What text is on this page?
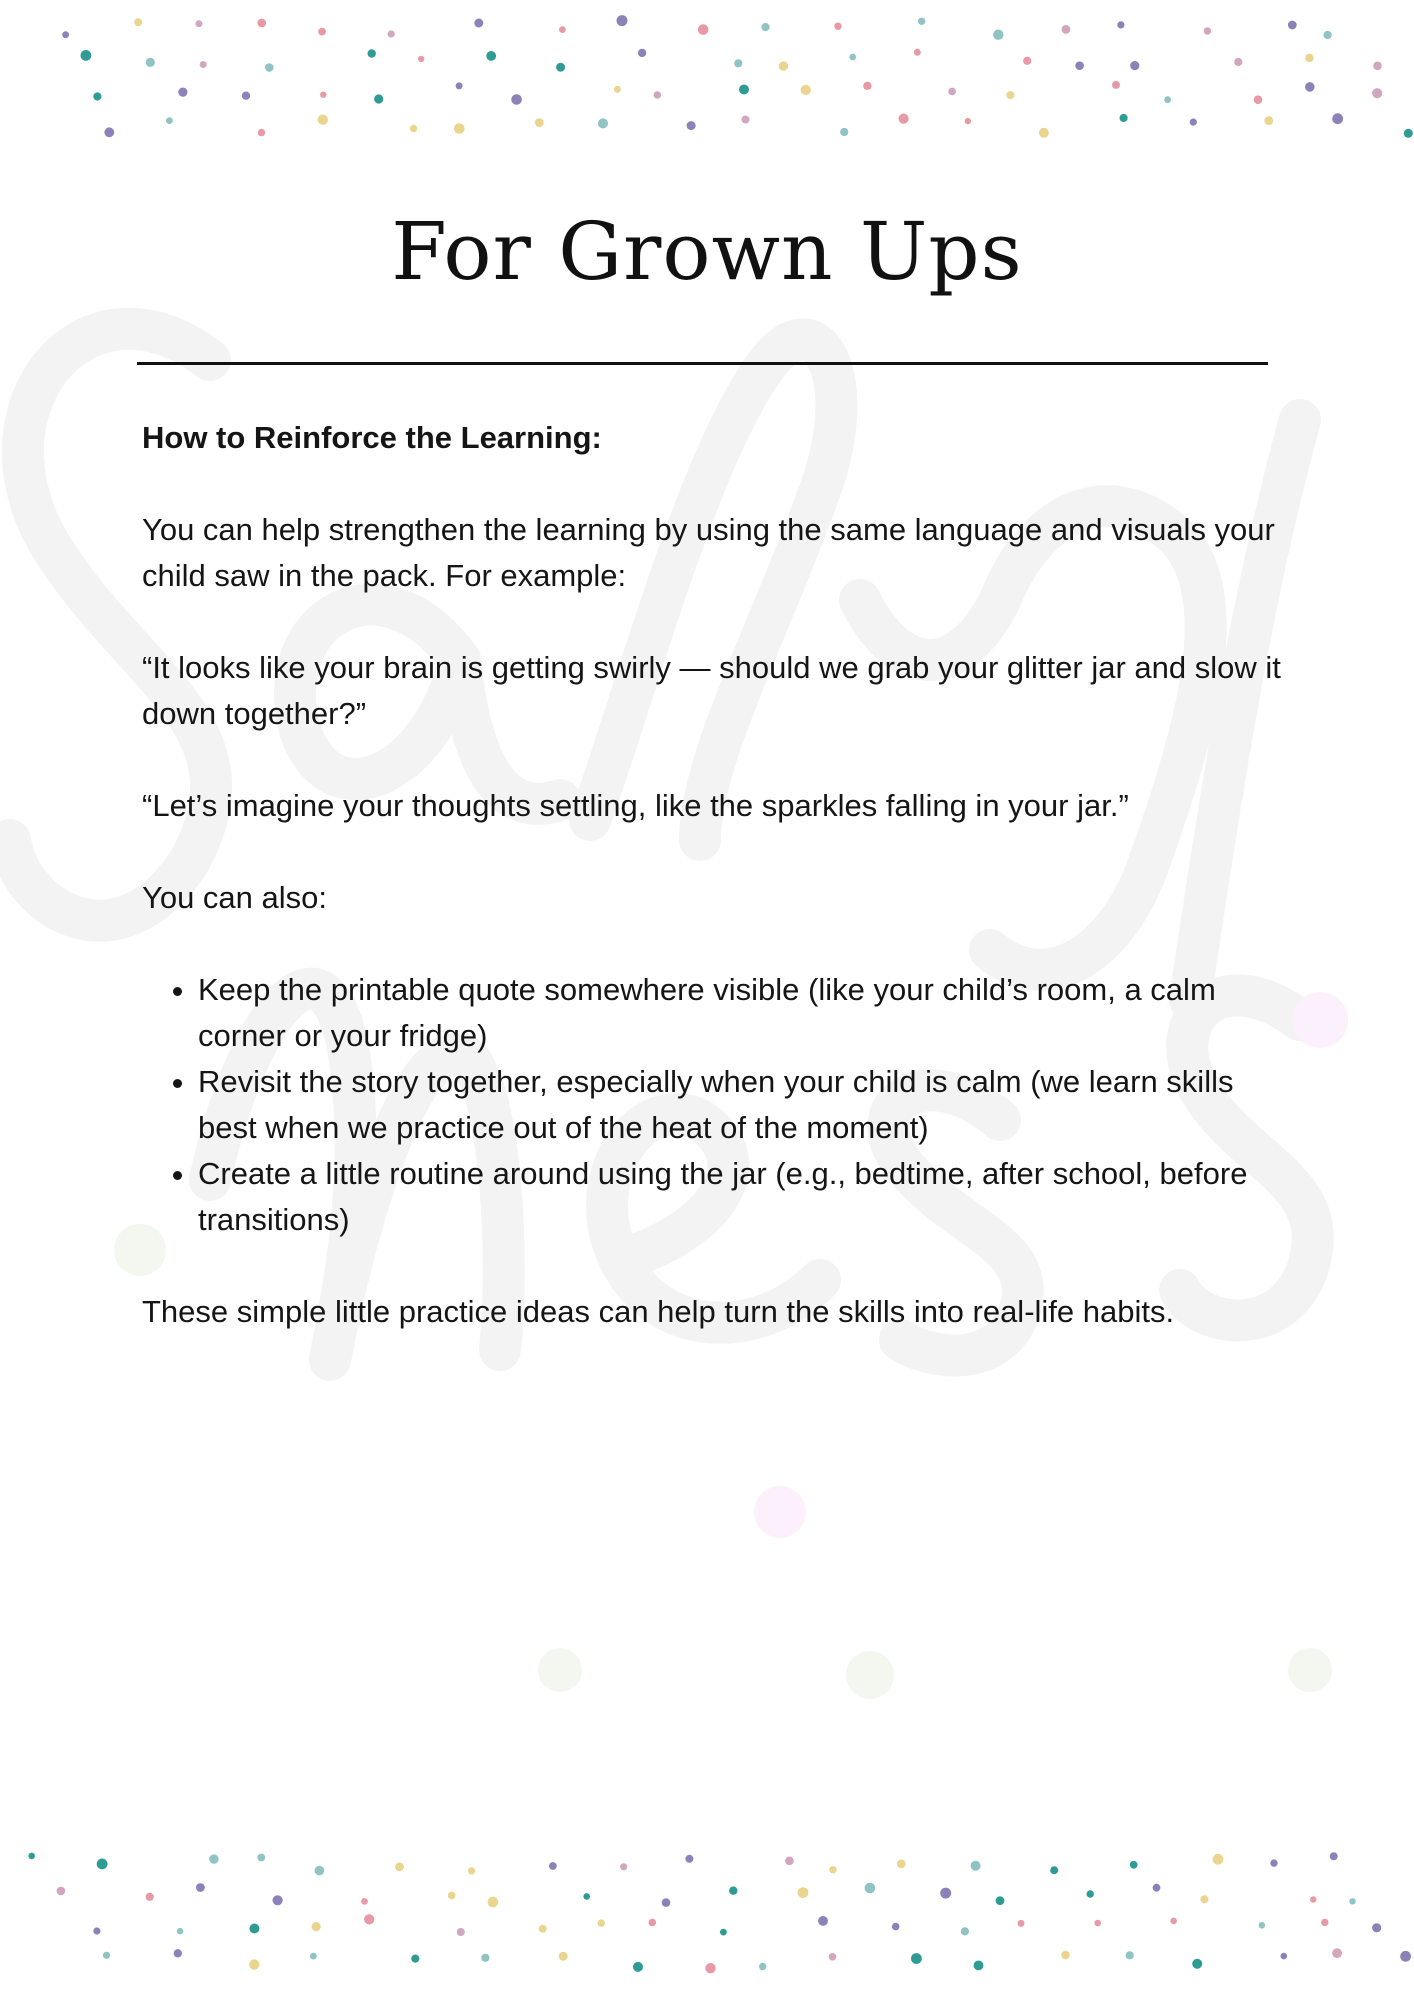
For Grown Ups
How to Reinforce the Learning:

You can help strengthen the learning by using the same language and visuals your child saw in the pack. For example:

“It looks like your brain is getting swirly — should we grab your glitter jar and slow it down together?”

“Let’s imagine your thoughts settling, like the sparkles falling in your jar.”

You can also:

• Keep the printable quote somewhere visible (like your child’s room, a calm corner or your fridge)
• Revisit the story together, especially when your child is calm (we learn skills best when we practice out of the heat of the moment)
• Create a little routine around using the jar (e.g., bedtime, after school, before transitions)

These simple little practice ideas can help turn the skills into real-life habits.
